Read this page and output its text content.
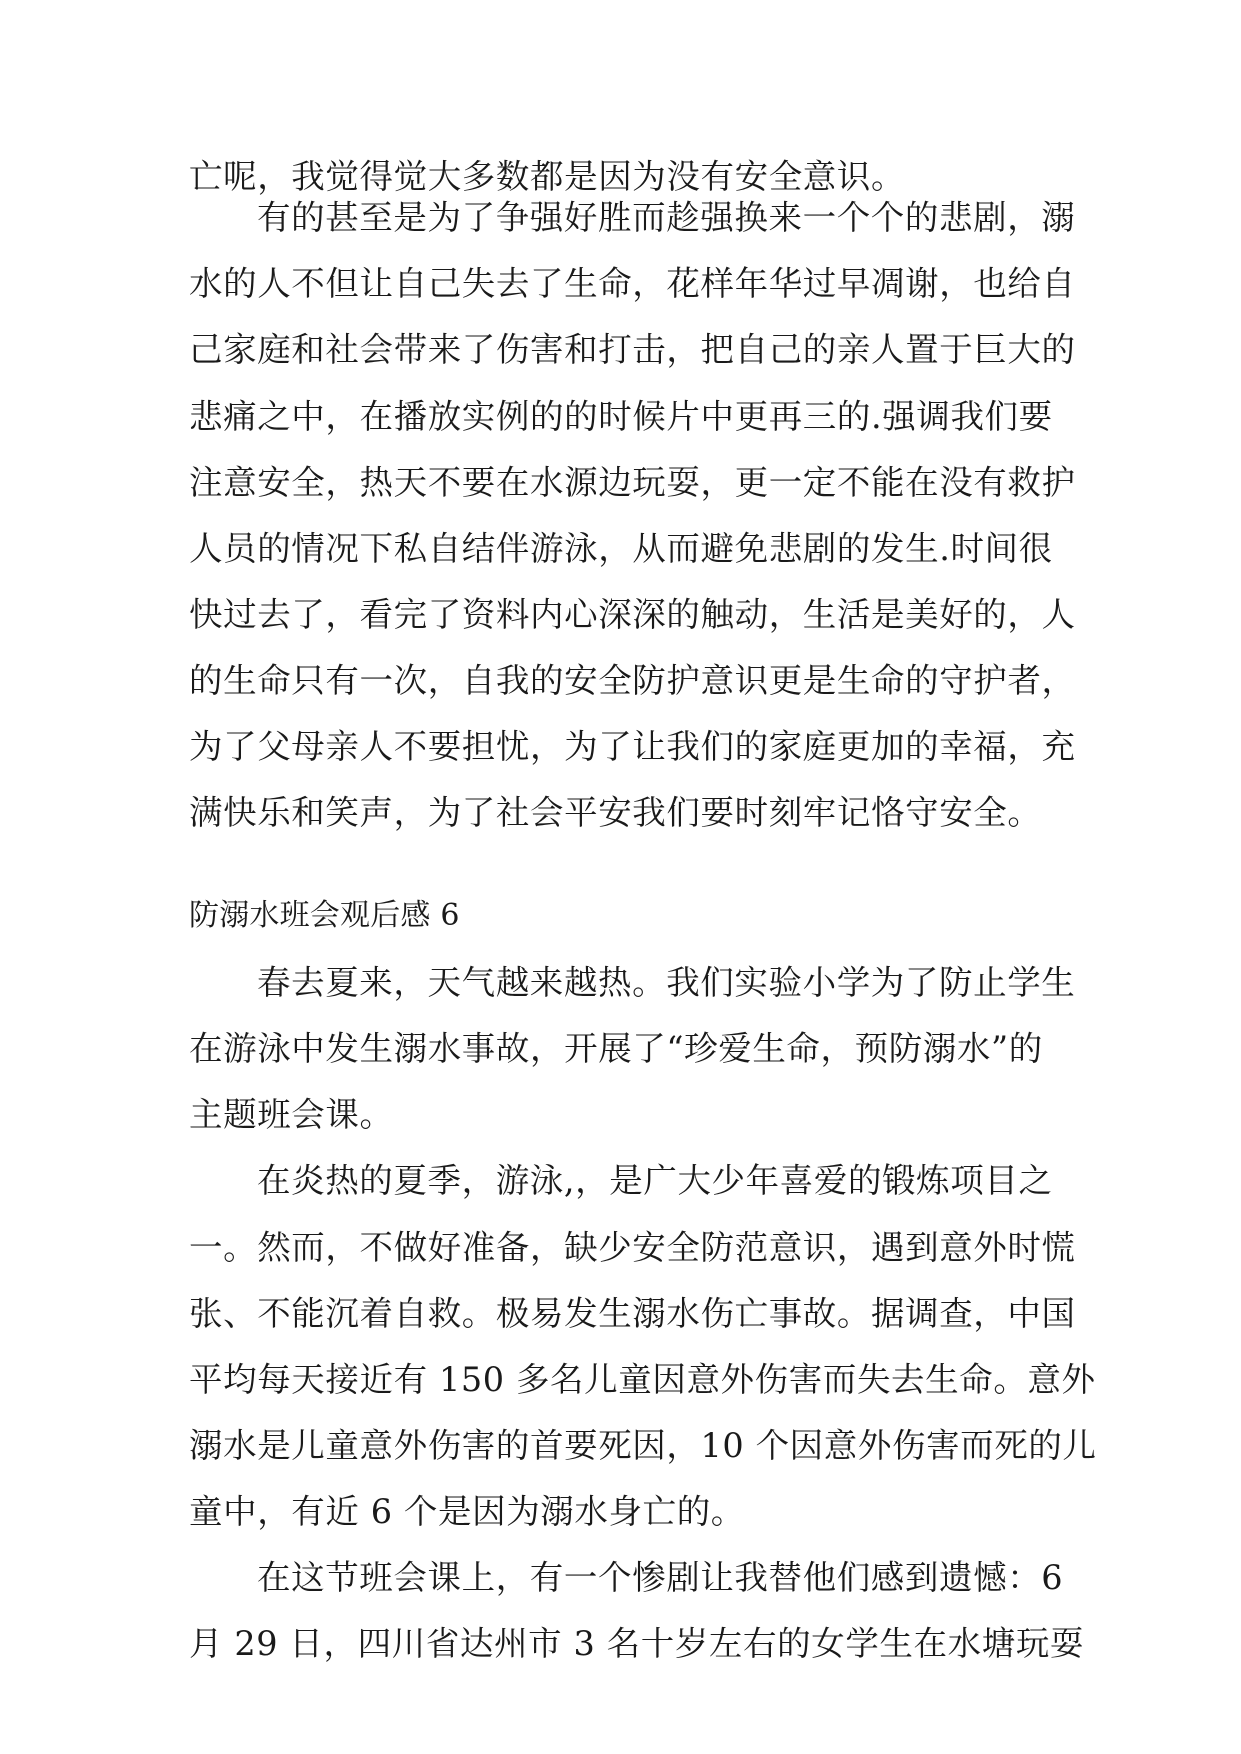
亡呢，我觉得觉大多数都是因为没有安全意识。
有的甚至是为了争强好胜而趁强换来一个个的悲剧，溺
水的人不但让自己失去了生命，花样年华过早凋谢，也给自
己家庭和社会带来了伤害和打击，把自己的亲人置于巨大的
悲痛之中，在播放实例的的时候片中更再三的.强调我们要
注意安全，热天不要在水源边玩耍，更一定不能在没有救护
人员的情况下私自结伴游泳，从而避免悲剧的发生.时间很
快过去了，看完了资料内心深深的触动，生活是美好的，人
的生命只有一次，自我的安全防护意识更是生命的守护者，
为了父母亲人不要担忧，为了让我们的家庭更加的幸福，充
满快乐和笑声，为了社会平安我们要时刻牢记恪守安全。
防溺水班会观后感 6
春去夏来，天气越来越热。我们实验小学为了防止学生
在游泳中发生溺水事故，开展了“珍爱生命，预防溺水”的
主题班会课。
在炎热的夏季，游泳,，是广大少年喜爱的锻炼项目之
一。然而，不做好准备，缺少安全防范意识，遇到意外时慌
张、不能沉着自救。极易发生溺水伤亡事故。据调查，中国
平均每天接近有 150 多名儿童因意外伤害而失去生命。意外
溺水是儿童意外伤害的首要死因，10 个因意外伤害而死的儿
童中，有近 6 个是因为溺水身亡的。
在这节班会课上，有一个惨剧让我替他们感到遗憾：6
月 29 日，四川省达州市 3 名十岁左右的女学生在水塘玩耍
